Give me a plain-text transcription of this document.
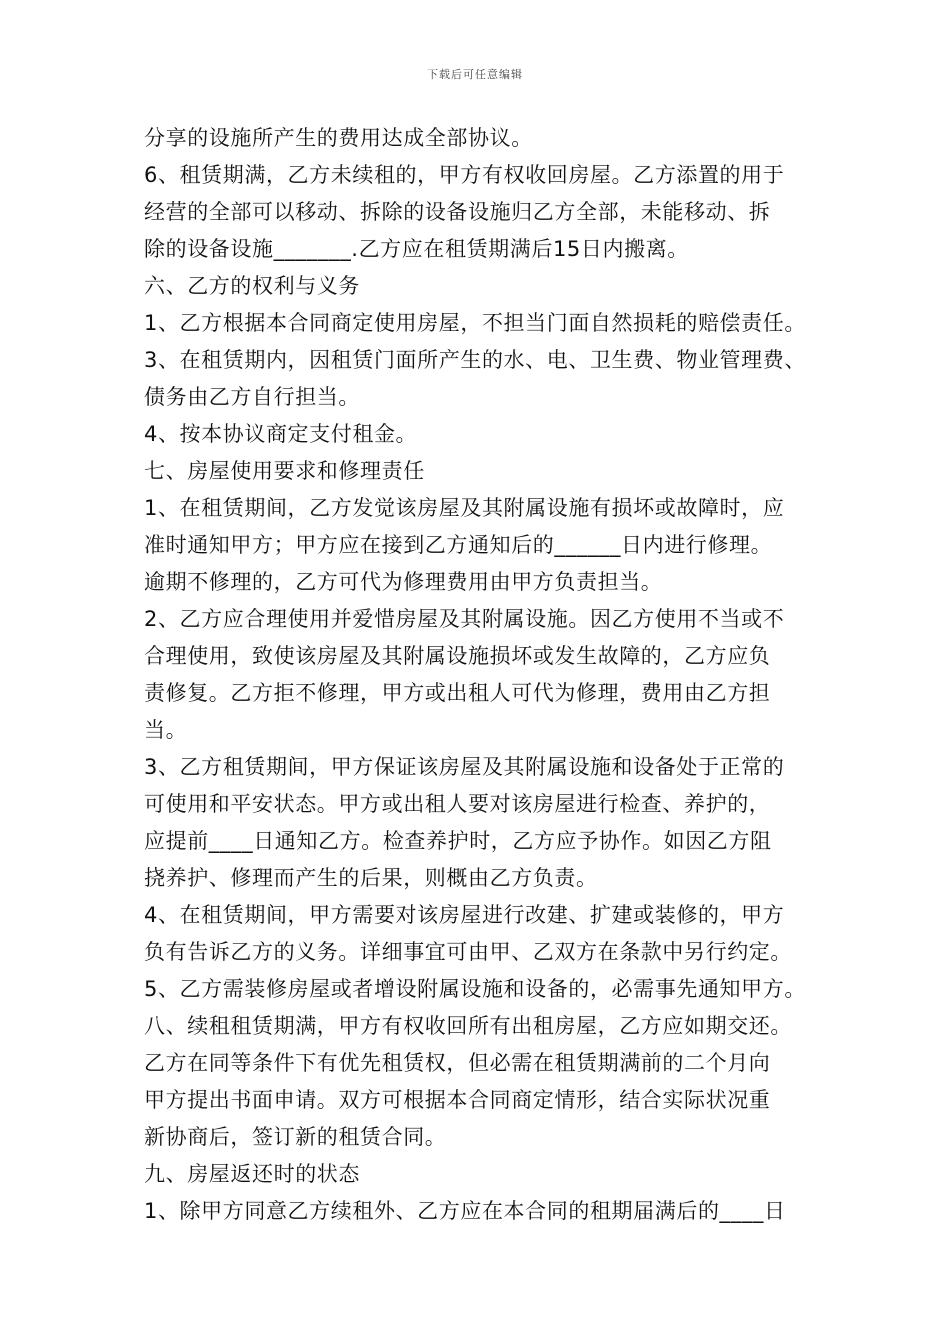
下载后可任意编辑
分享的设施所产生的费用达成全部协议。
6、租赁期满，乙方未续租的，甲方有权收回房屋。乙方添置的用于
经营的全部可以移动、拆除的设备设施归乙方全部，未能移动、拆
除的设备设施_______.乙方应在租赁期满后15日内搬离。
六、乙方的权利与义务
1、乙方根据本合同商定使用房屋，不担当门面自然损耗的赔偿责任。
3、在租赁期内，因租赁门面所产生的水、电、卫生费、物业管理费、
债务由乙方自行担当。
4、按本协议商定支付租金。
七、房屋使用要求和修理责任
1、在租赁期间，乙方发觉该房屋及其附属设施有损坏或故障时，应
准时通知甲方；甲方应在接到乙方通知后的______日内进行修理。
逾期不修理的，乙方可代为修理费用由甲方负责担当。
2、乙方应合理使用并爱惜房屋及其附属设施。因乙方使用不当或不
合理使用，致使该房屋及其附属设施损坏或发生故障的，乙方应负
责修复。乙方拒不修理，甲方或出租人可代为修理，费用由乙方担
当。
3、乙方租赁期间，甲方保证该房屋及其附属设施和设备处于正常的
可使用和平安状态。甲方或出租人要对该房屋进行检查、养护的，
应提前____日通知乙方。检查养护时，乙方应予协作。如因乙方阻
挠养护、修理而产生的后果，则概由乙方负责。
4、在租赁期间，甲方需要对该房屋进行改建、扩建或装修的，甲方
负有告诉乙方的义务。详细事宜可由甲、乙双方在条款中另行约定。
5、乙方需装修房屋或者增设附属设施和设备的，必需事先通知甲方。
八、续租租赁期满，甲方有权收回所有出租房屋，乙方应如期交还。
乙方在同等条件下有优先租赁权，但必需在租赁期满前的二个月向
甲方提出书面申请。双方可根据本合同商定情形，结合实际状况重
新协商后，签订新的租赁合同。
九、房屋返还时的状态
1、除甲方同意乙方续租外、乙方应在本合同的租期届满后的____日
